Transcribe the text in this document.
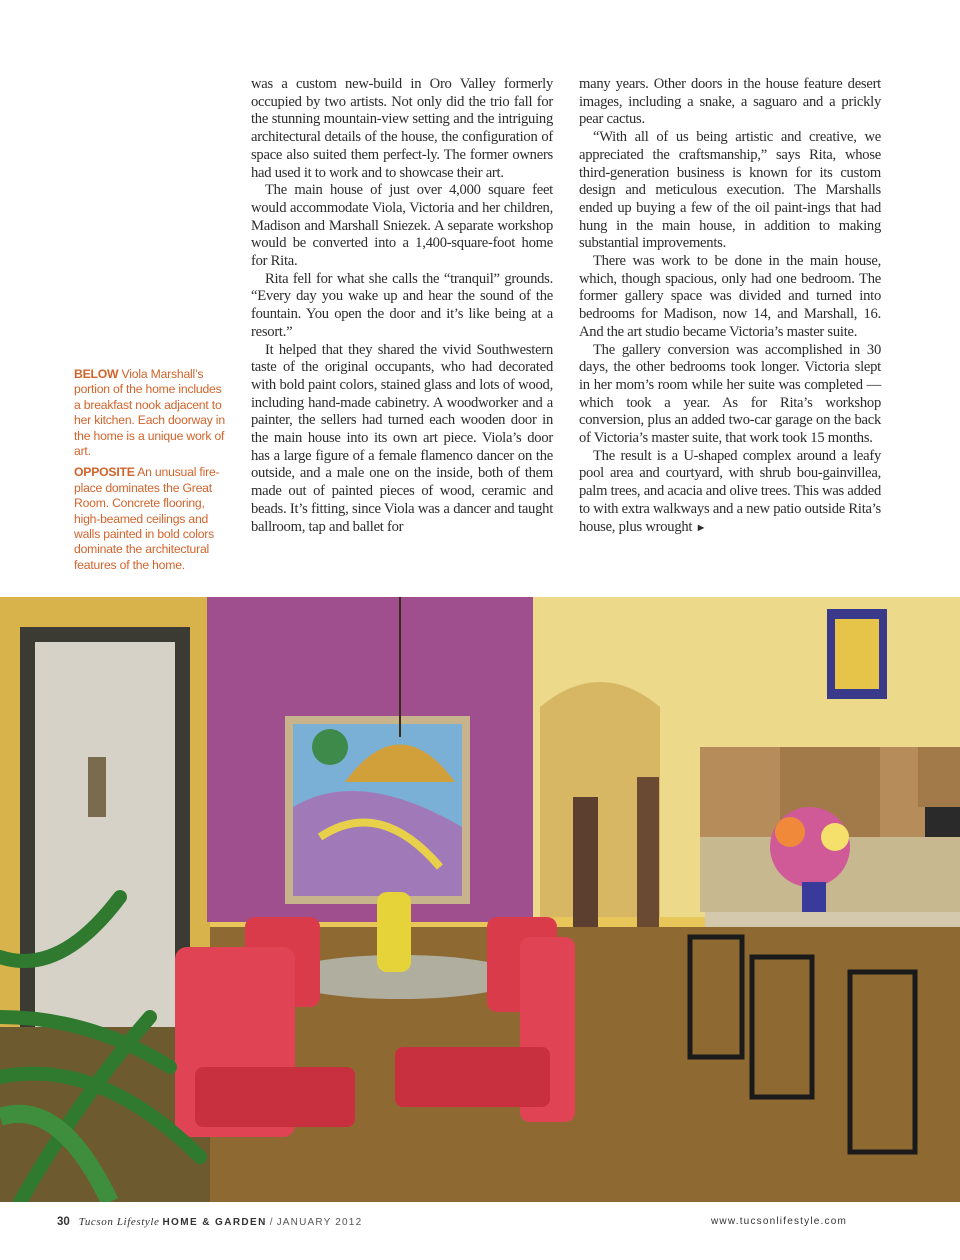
BELOW Viola Marshall’s portion of the home includes a breakfast nook adjacent to her kitchen. Each doorway in the home is a unique work of art.

OPPOSITE An unusual fire-place dominates the Great Room. Concrete flooring, high-beamed ceilings and walls painted in bold colors dominate the architectural features of the home.

was a custom new-build in Oro Valley formerly occupied by two artists. Not only did the trio fall for the stunning mountain-view setting and the intriguing architectural details of the house, the configuration of space also suited them perfect-ly. The former owners had used it to work and to showcase their art.

The main house of just over 4,000 square feet would accommodate Viola, Victoria and her children, Madison and Marshall Sniezek. A separate workshop would be converted into a 1,400-square-foot home for Rita.

Rita fell for what she calls the “tranquil” grounds. “Every day you wake up and hear the sound of the fountain. You open the door and it’s like being at a resort.”

It helped that they shared the vivid Southwestern taste of the original occupants, who had decorated with bold paint colors, stained glass and lots of wood, including hand-made cabinetry. A woodworker and a painter, the sellers had turned each wooden door in the main house into its own art piece. Viola’s door has a large figure of a female flamenco dancer on the outside, and a male one on the inside, both of them made out of painted pieces of wood, ceramic and beads. It’s fitting, since Viola was a dancer and taught ballroom, tap and ballet for

many years. Other doors in the house feature desert images, including a snake, a saguaro and a prickly pear cactus.

“With all of us being artistic and creative, we appreciated the craftsmanship,” says Rita, whose third-generation business is known for its custom design and meticulous execution. The Marshalls ended up buying a few of the oil paint-ings that had hung in the main house, in addition to making substantial improvements.

There was work to be done in the main house, which, though spacious, only had one bedroom. The former gallery space was divided and turned into bedrooms for Madison, now 14, and Marshall, 16. And the art studio became Victoria’s master suite.

The gallery conversion was accomplished in 30 days, the other bedrooms took longer. Victoria slept in her mom’s room while her suite was completed — which took a year. As for Rita’s workshop conversion, plus an added two-car garage on the back of Victoria’s master suite, that work took 15 months.

The result is a U-shaped complex around a leafy pool area and courtyard, with shrub bou-gainvillea, palm trees, and acacia and olive trees. This was added to with extra walkways and a new patio outside Rita’s house, plus wrought ►

30 Tucson Lifestyle HOME & GARDEN / JANUARY 2012	www.tucsonlifestyle.com
